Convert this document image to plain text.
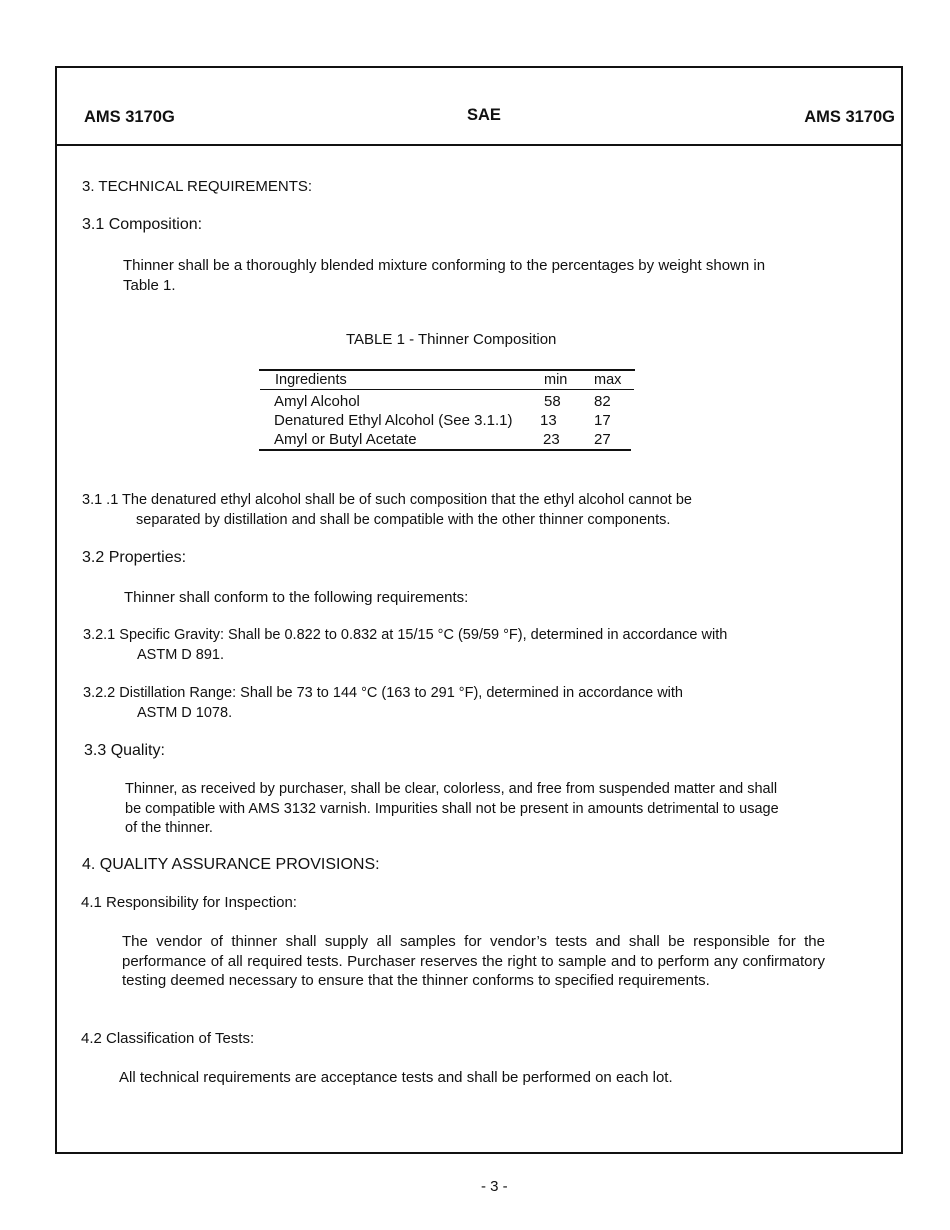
AMS 3170G	SAE	AMS 3170G
3. TECHNICAL REQUIREMENTS:
3.1 Composition:
Thinner shall be a thoroughly blended mixture conforming to the percentages by weight shown in Table 1.
TABLE 1 - Thinner Composition
Ingredients	min max
Amyl Alcohol	58 82
Denatured Ethyl Alcohol (See 3.1.1) 13 17
Amyl or Butyl Acetate	23 27
3.1 .1 The denatured ethyl alcohol shall be of such composition that the ethyl alcohol cannot be
separated by distillation and shall be compatible with the other thinner components.
3.2 Properties:
Thinner shall conform to the following requirements:
3.2.1 Specific Gravity: Shall be 0.822 to 0.832 at 15/15 °C (59/59 °F), determined in accordance with
ASTM D 891.
3.2.2 Distillation Range: Shall be 73 to 144 °C (163 to 291 °F), determined in accordance with
ASTM D 1078.
3.3 Quality:
Thinner, as received by purchaser, shall be clear, colorless, and free from suspended matter and shall be compatible with AMS 3132 varnish. Impurities shall not be present in amounts detrimental to usage of the thinner.
4. QUALITY ASSURANCE PROVISIONS:
4.1 Responsibility for Inspection:
The vendor of thinner shall supply all samples for vendor’s tests and shall be responsible for the performance of all required tests. Purchaser reserves the right to sample and to perform any confirmatory testing deemed necessary to ensure that the thinner conforms to specified requirements.
4.2 Classification of Tests:
All technical requirements are acceptance tests and shall be performed on each lot.
- 3 -
